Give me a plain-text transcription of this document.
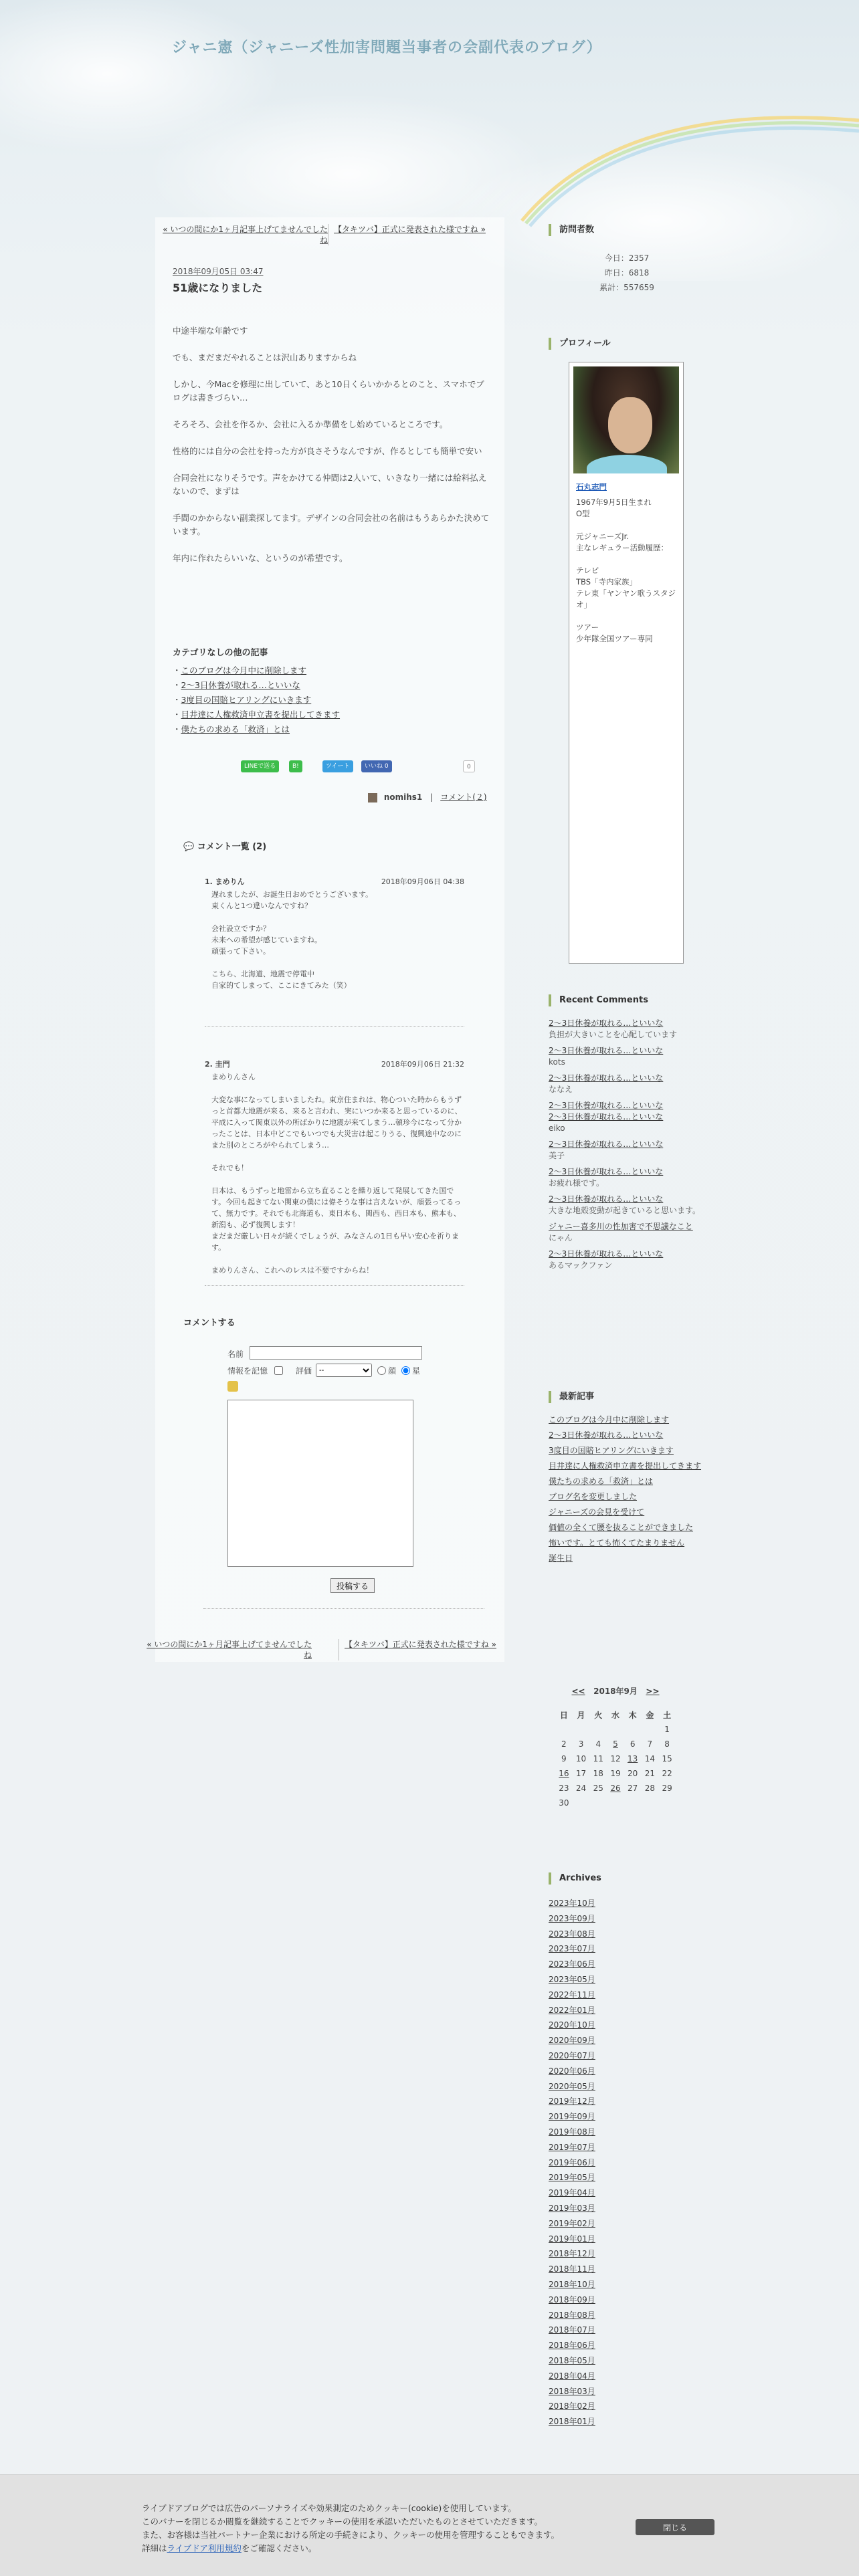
ジャニ憲（ジャニーズ性加害問題当事者の会副代表のブログ）
« いつの間にか1ヶ月記事上げてませんでしたね
【タキツバ】正式に発表された様ですね »
2018年09月05日 03:47
51歳になりました

中途半端な年齢です

でも、まだまだやれることは沢山ありますからね

しかし、今Macを修理に出していて、あと10日くらいかかるとのこと、スマホでブログは書きづらい…

そろそろ、会社を作るか、会社に入るか準備をし始めているところです。

性格的には自分の会社を持った方が良さそうなんですが、作るとしても簡単で安い

合同会社になりそうです。声をかけてる仲間は2人いて、いきなり一緒には給料払えないので、まずは

手間のかからない副業探してます。デザインの合同会社の名前はもうあらかた決めています。

年内に作れたらいいな、というのが希望です。

カテゴリなしの他の記事
・ このブログは今月中に削除します
・ 2〜3日休養が取れる…といいな
・ 3度目の国賠ヒアリングにいきます
・ 目井達に人権救済申立書を提出してきます
・ 僕たちの求める「救済」とは
LINEで送る	B!	ツイート	いいね 0	0
nomihs1   |   コメント(２)
💬 コメント一覧 (2)
1. まめりん	2018年09月06日 04:38

遅れましたが、お誕生日おめでとうございます。
東くんと1つ違いなんですね？

会社設立ですか？
未来への希望が感じていますね。
頑張って下さい。

こちら、北海道、地震で停電中
自家的てしまって、ここにきてみた（笑）

2. 圭門	2018年09月06日 21:32

まめりんさん

大変な事になってしまいましたね。東京住まれは、物心ついた時からもうずっと首都大地震が来る、来ると言われ、実にいつか来ると思っているのに、平成に入って関東以外の所ばかりに地震が来てしまう…頓珍今になって分かったことは、日本中どこでもいつでも大災害は起こりうる、復興途中なのにまた別のところがやられてしまう…

それでも！

日本は、もうずっと地雷から立ち直ることを繰り返して発展してきた国です。今回も起きてない関東の僕には偉そうな事は言えないが、頑張ってるって、無力です。それでも北海道も、東日本も、関西も、西日本も、熊本も、新潟も、必ず復興します！
まだまだ厳しい日々が続くでしょうが、みなさんの1日も早い安心を祈ります。

まめりんさん、これへのレスは不要ですからね！

コメントする
名前
情報を記憶	評価
--	顔 星
投稿する
« いつの間にか1ヶ月記事上げてませんでしたね
【タキツバ】正式に発表された様ですね »
訪問者数
今日：2357
昨日：6818
累計：557659
プロフィール
石丸志門
1967年9月5日生まれ
O型
元ジャニーズJr.
主なレギュラー活動履歴：
テレビ
TBS「寺内家族」
テレ東「ヤンヤン歌うスタジオ」
ツアー
少年隊全国ツアー専同
Recent Comments
2〜3日休養が取れる…といいな
負担が大きいことを心配しています
2〜3日休養が取れる…といいな
kots
2〜3日休養が取れる…といいな
ななえ
2〜3日休養が取れる…といいな
2〜3日休養が取れる…といいな
eiko
2〜3日休養が取れる…といいな
美子
2〜3日休養が取れる…といいな
お疲れ様です。
2〜3日休養が取れる…といいな
大きな地殻変動が起きていると思います。
ジャニー喜多川の性加害で不思議なこと
にゃん
2〜3日休養が取れる…といいな
あるマックファン
最新記事
このブログは今月中に削除します
2〜3日休養が取れる…といいな
3度目の国賠ヒアリングにいきます
目井達に人権救済申立書を提出してきます
僕たちの求める「救済」とは
ブログ名を変更しました
ジャニーズの会見を受けて
価値の全くて腰を抜ることができました
怖いです。とても怖くてたまりません
誕生日
<< 2018年9月 >>
日	月	火	水	木	金	土
						1
2	3	4	5	6	7	8
9	10	11	12	13	14	15
16	17	18	19	20	21	22
23	24	25	26	27	28	29
30						
Archives
2023年10月
2023年09月
2023年08月
2023年07月
2023年06月
2023年05月
2022年11月
2022年01月
2020年10月
2020年09月
2020年07月
2020年06月
2020年05月
2019年12月
2019年09月
2019年08月
2019年07月
2019年06月
2019年05月
2019年04月
2019年03月
2019年02月
2019年01月
2018年12月
2018年11月
2018年10月
2018年09月
2018年08月
2018年07月
2018年06月
2018年05月
2018年04月
2018年03月
2018年02月
2018年01月
ライブドアブログでは広告のパーソナライズや効果測定のためクッキー(cookie)を使用しています。
このバナーを閉じるか閲覧を継続することでクッキーの使用を承認いただいたものとさせていただきます。
また、お客様は当社パートナー企業における所定の手続きにより、クッキーの使用を管理することもできます。
詳細はライブドア利用規約をご確認ください。
閉じる
